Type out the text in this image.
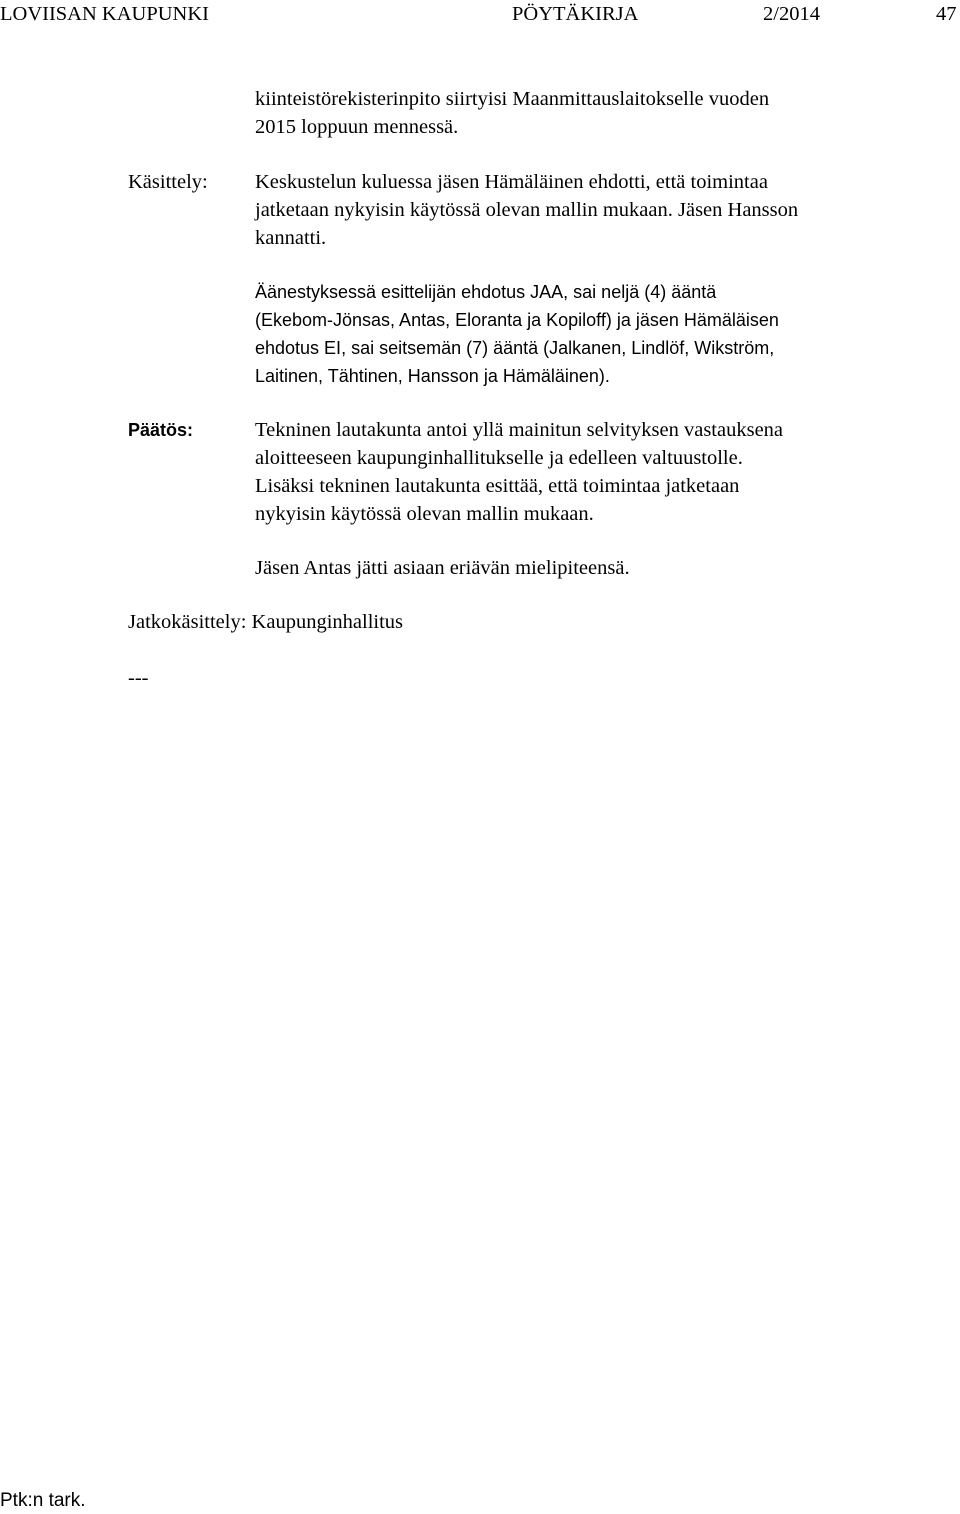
LOVIISAN KAUPUNKI	PÖYTÄKIRJA	2/2014	47
kiinteistörekisterinpito siirtyisi Maanmittauslaitokselle vuoden
2015 loppuun mennessä.
Käsittely: Keskustelun kuluessa jäsen Hämäläinen ehdotti, että toimintaa
jatketaan nykyisin käytössä olevan mallin mukaan. Jäsen Hansson
kannatti.
Äänestyksessä esittelijän ehdotus JAA, sai neljä (4) ääntä
(Ekebom-Jönsas, Antas, Eloranta ja Kopiloff) ja jäsen Hämäläisen
ehdotus EI, sai seitsemän (7) ääntä (Jalkanen, Lindlöf, Wikström,
Laitinen, Tähtinen, Hansson ja Hämäläinen).
Päätös:	Tekninen lautakunta antoi yllä mainitun selvityksen vastauksena
aloitteeseen kaupunginhallitukselle ja edelleen valtuustolle.
Lisäksi tekninen lautakunta esittää, että toimintaa jatketaan
nykyisin käytössä olevan mallin mukaan.
Jäsen Antas jätti asiaan eriävän mielipiteensä.
Jatkokäsittely: Kaupunginhallitus
---
Ptk:n tark.
